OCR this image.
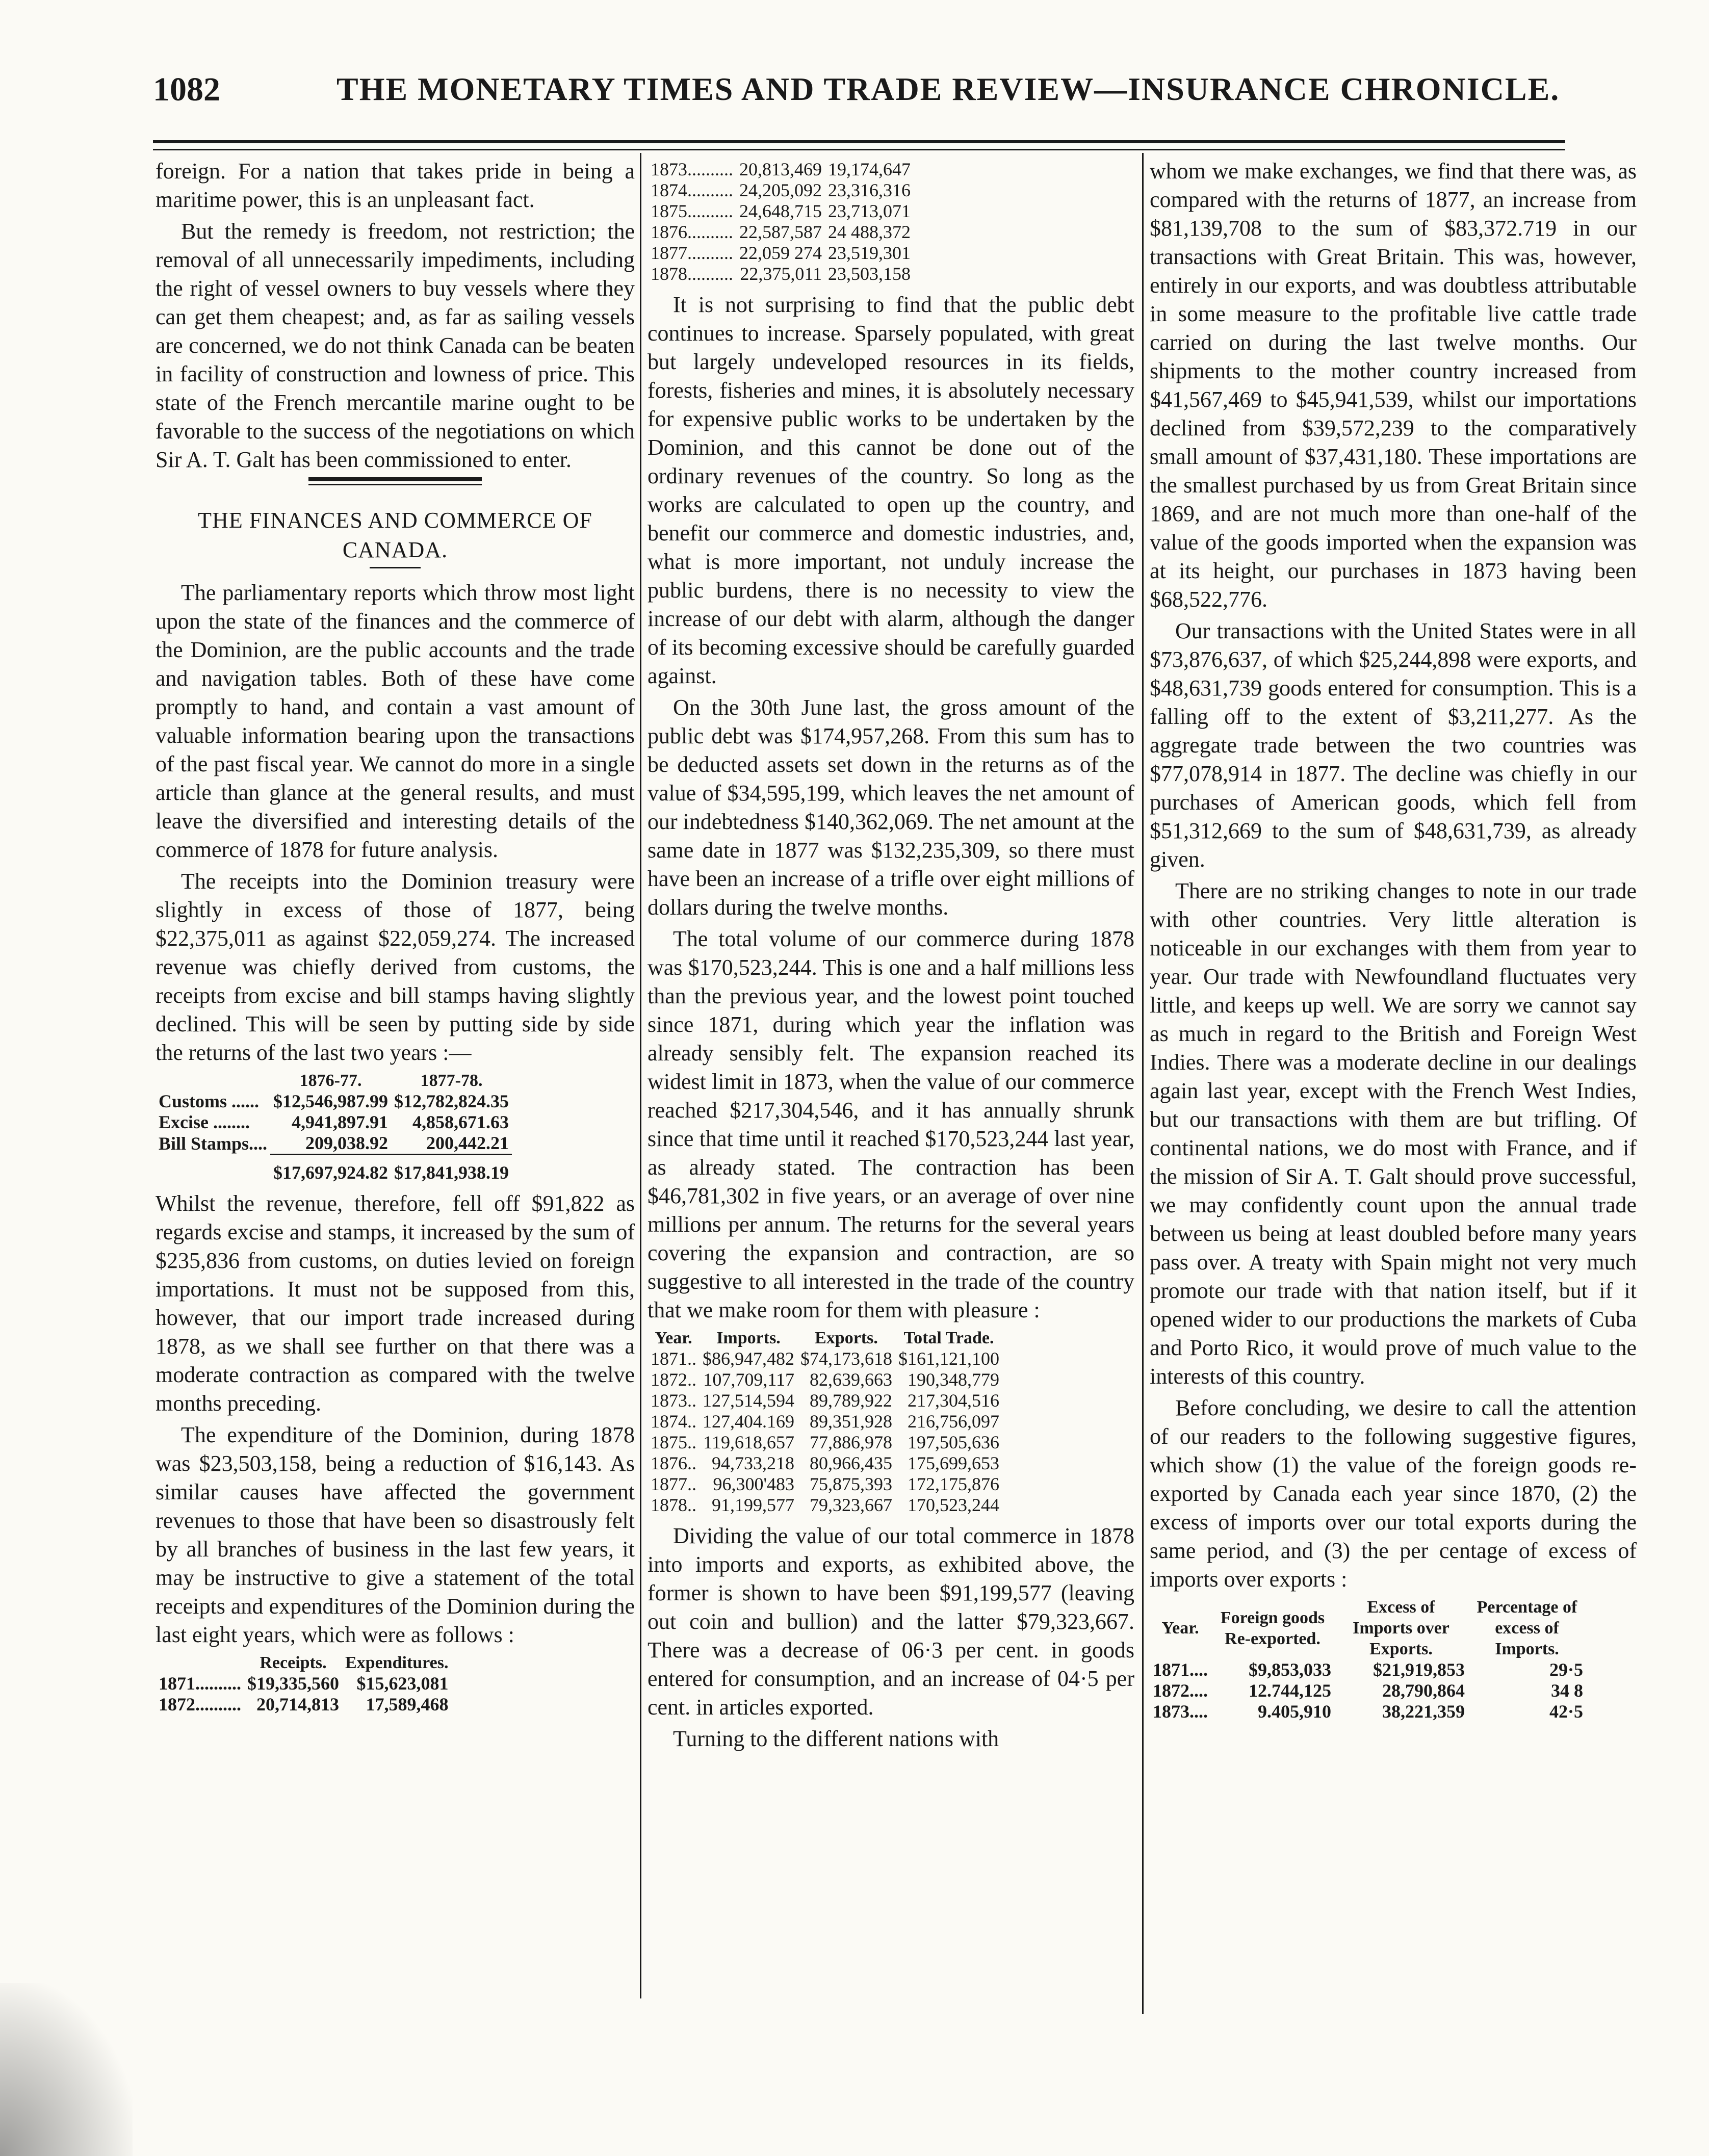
1082	THE MONETARY TIMES AND TRADE REVIEW—INSURANCE CHRONICLE.

foreign. For a nation that takes pride in being a maritime power, this is an unpleasant fact.

But the remedy is freedom, not restriction; the removal of all unnecessarily impediments, including the right of vessel owners to buy vessels where they can get them cheapest; and, as far as sailing vessels are concerned, we do not think Canada can be beaten in facility of construction and lowness of price. This state of the French mercantile marine ought to be favorable to the success of the negotiations on which Sir A. T. Galt has been commissioned to enter.

THE FINANCES AND COMMERCE OF CANADA.

The parliamentary reports which throw most light upon the state of the finances and the commerce of the Dominion, are the public accounts and the trade and navigation tables. Both of these have come promptly to hand, and contain a vast amount of valuable information bearing upon the transactions of the past fiscal year. We cannot do more in a single article than glance at the general results, and must leave the diversified and interesting details of the commerce of 1878 for future analysis.

The receipts into the Dominion treasury were slightly in excess of those of 1877, being $22,375,011 as against $22,059,274. The increased revenue was chiefly derived from customs, the receipts from excise and bill stamps having slightly declined. This will be seen by putting side by side the returns of the last two years :—

	1876-77.	1877-78.
Customs ......	$12,546,987.99	$12,782,824.35
Excise ........	4,941,897.91	4,858,671.63
Bill Stamps....	209,038.92	200,442.21
	$17,697,924.82	$17,841,938.19

Whilst the revenue, therefore, fell off $91,822 as regards excise and stamps, it increased by the sum of $235,836 from customs, on duties levied on foreign importations. It must not be supposed from this, however, that our import trade increased during 1878, as we shall see further on that there was a moderate contraction as compared with the twelve months preceding.

The expenditure of the Dominion, during 1878 was $23,503,158, being a reduction of $16,143. As similar causes have affected the government revenues to those that have been so disastrously felt by all branches of business in the last few years, it may be instructive to give a statement of the total receipts and expenditures of the Dominion during the last eight years, which were as follows :

	Receipts.	Expenditures.
1871..........	$19,335,560	$15,623,081
1872..........	20,714,813	17,589,468
1873..........	20,813,469	19,174,647
1874..........	24,205,092	23,316,316
1875..........	24,648,715	23,713,071
1876..........	22,587,587	24 488,372
1877..........	22,059 274	23,519,301
1878..........	22,375,011	23,503,158

It is not surprising to find that the public debt continues to increase. Sparsely populated, with great but largely undeveloped resources in its fields, forests, fisheries and mines, it is absolutely necessary for expensive public works to be undertaken by the Dominion, and this cannot be done out of the ordinary revenues of the country. So long as the works are calculated to open up the country, and benefit our commerce and domestic industries, and, what is more important, not unduly increase the public burdens, there is no necessity to view the increase of our debt with alarm, although the danger of its becoming excessive should be carefully guarded against.

On the 30th June last, the gross amount of the public debt was $174,957,268. From this sum has to be deducted assets set down in the returns as of the value of $34,595,199, which leaves the net amount of our indebtedness $140,362,069. The net amount at the same date in 1877 was $132,235,309, so there must have been an increase of a trifle over eight millions of dollars during the twelve months.

The total volume of our commerce during 1878 was $170,523,244. This is one and a half millions less than the previous year, and the lowest point touched since 1871, during which year the inflation was already sensibly felt. The expansion reached its widest limit in 1873, when the value of our commerce reached $217,304,546, and it has annually shrunk since that time until it reached $170,523,244 last year, as already stated. The contraction has been $46,781,302 in five years, or an average of over nine millions per annum. The returns for the several years covering the expansion and contraction, are so suggestive to all interested in the trade of the country that we make room for them with pleasure :

Year.	Imports.	Exports.	Total Trade.
1871..	$86,947,482	$74,173,618	$161,121,100
1872..	107,709,117	82,639,663	190,348,779
1873..	127,514,594	89,789,922	217,304,516
1874..	127,404.169	89,351,928	216,756,097
1875..	119,618,657	77,886,978	197,505,636
1876..	94,733,218	80,966,435	175,699,653
1877..	96,300'483	75,875,393	172,175,876
1878..	91,199,577	79,323,667	170,523,244

Dividing the value of our total commerce in 1878 into imports and exports, as exhibited above, the former is shown to have been $91,199,577 (leaving out coin and bullion) and the latter $79,323,667. There was a decrease of 06·3 per cent. in goods entered for consumption, and an increase of 04·5 per cent. in articles exported.

Turning to the different nations with

whom we make exchanges, we find that there was, as compared with the returns of 1877, an increase from $81,139,708 to the sum of $83,372.719 in our transactions with Great Britain. This was, however, entirely in our exports, and was doubtless attributable in some measure to the profitable live cattle trade carried on during the last twelve months. Our shipments to the mother country increased from $41,567,469 to $45,941,539, whilst our importations declined from $39,572,239 to the comparatively small amount of $37,431,180. These importations are the smallest purchased by us from Great Britain since 1869, and are not much more than one-half of the value of the goods imported when the expansion was at its height, our purchases in 1873 having been $68,522,776.

Our transactions with the United States were in all $73,876,637, of which $25,244,898 were exports, and $48,631,739 goods entered for consumption. This is a falling off to the extent of $3,211,277. As the aggregate trade between the two countries was $77,078,914 in 1877. The decline was chiefly in our purchases of American goods, which fell from $51,312,669 to the sum of $48,631,739, as already given.

There are no striking changes to note in our trade with other countries. Very little alteration is noticeable in our exchanges with them from year to year. Our trade with Newfoundland fluctuates very little, and keeps up well. We are sorry we cannot say as much in regard to the British and Foreign West Indies. There was a moderate decline in our dealings again last year, except with the French West Indies, but our transactions with them are but trifling. Of continental nations, we do most with France, and if the mission of Sir A. T. Galt should prove successful, we may confidently count upon the annual trade between us being at least doubled before many years pass over. A treaty with Spain might not very much promote our trade with that nation itself, but if it opened wider to our productions the markets of Cuba and Porto Rico, it would prove of much value to the interests of this country.

Before concluding, we desire to call the attention of our readers to the following suggestive figures, which show (1) the value of the foreign goods re-exported by Canada each year since 1870, (2) the excess of imports over our total exports during the same period, and (3) the per centage of excess of imports over exports :

Year.	Foreign goods Re-exported.	Excess of Imports over Exports.	Percentage of excess of Imports.
1871....	$9,853,033	$21,919,853	29·5
1872....	12.744,125	28,790,864	34 8
1873....	9.405,910	38,221,359	42·5
